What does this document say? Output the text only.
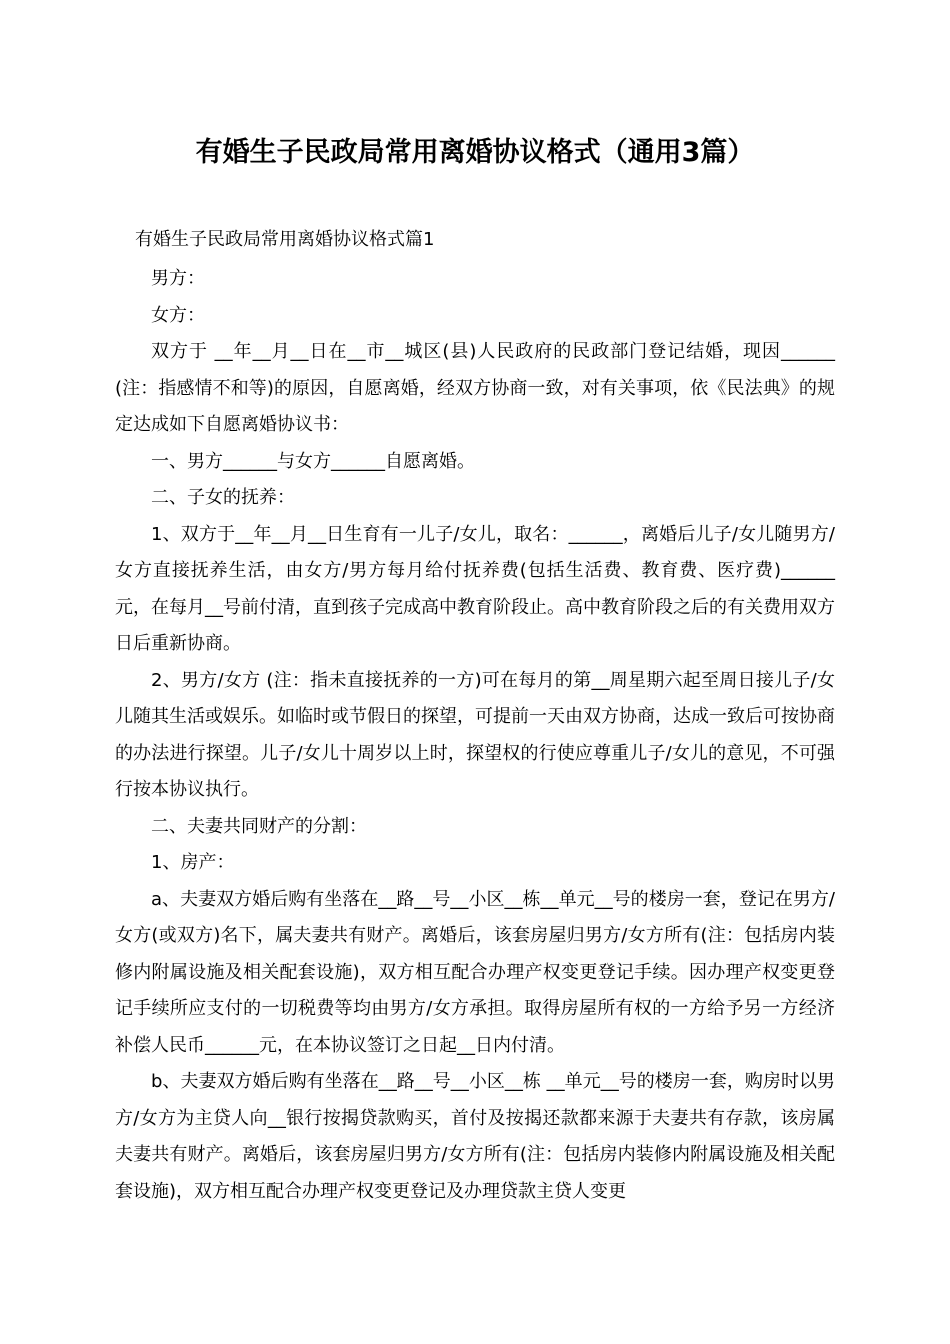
有婚生子民政局常用离婚协议格式（通用3篇）
有婚生子民政局常用离婚协议格式篇1

男方：

女方：

双方于 __年__月__日在__市__城区(县)人民政府的民政部门登记结婚，现因______(注：指感情不和等)的原因，自愿离婚，经双方协商一致，对有关事项，依《民法典》的规定达成如下自愿离婚协议书：

一、男方______与女方______自愿离婚。

二、子女的抚养：

1、双方于__年__月__日生育有一儿子/女儿，取名：______，离婚后儿子/女儿随男方/女方直接抚养生活，由女方/男方每月给付抚养费(包括生活费、教育费、医疗费)______元，在每月__号前付清，直到孩子完成高中教育阶段止。高中教育阶段之后的有关费用双方日后重新协商。

2、男方/女方 (注：指未直接抚养的一方)可在每月的第__周星期六起至周日接儿子/女儿随其生活或娱乐。如临时或节假日的探望，可提前一天由双方协商，达成一致后可按协商的办法进行探望。儿子/女儿十周岁以上时，探望权的行使应尊重儿子/女儿的意见，不可强行按本协议执行。

二、夫妻共同财产的分割：

1、房产：

a、夫妻双方婚后购有坐落在__路__号__小区__栋__单元__号的楼房一套，登记在男方/女方(或双方)名下，属夫妻共有财产。离婚后，该套房屋归男方/女方所有(注：包括房内装修内附属设施及相关配套设施)，双方相互配合办理产权变更登记手续。因办理产权变更登记手续所应支付的一切税费等均由男方/女方承担。取得房屋所有权的一方给予另一方经济补偿人民币______元，在本协议签订之日起__日内付清。

b、夫妻双方婚后购有坐落在__路__号__小区__栋 __单元__号的楼房一套，购房时以男方/女方为主贷人向__银行按揭贷款购买，首付及按揭还款都来源于夫妻共有存款，该房属夫妻共有财产。离婚后，该套房屋归男方/女方所有(注：包括房内装修内附属设施及相关配套设施)，双方相互配合办理产权变更登记及办理贷款主贷人变更
